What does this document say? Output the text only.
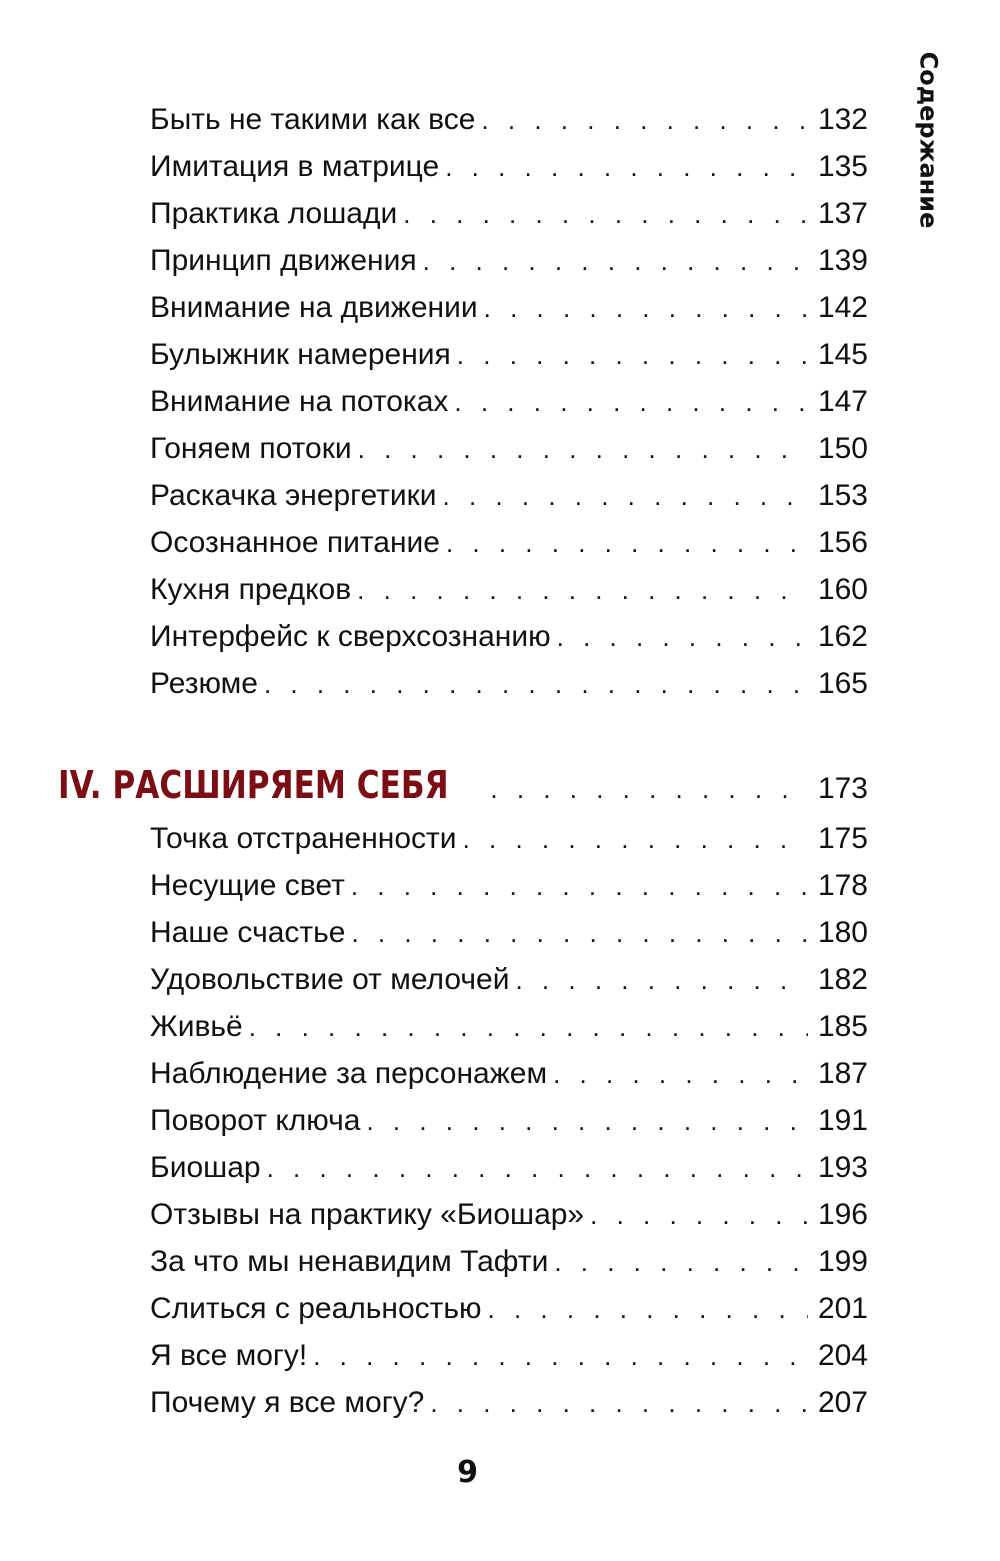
Содержание
Быть не такими как все . . .	132
Имитация в матрице . . .	135
Практика лошади . . .	137
Принцип движения . . .	139
Внимание на движении . . .	142
Булыжник намерения . . .	145
Внимание на потоках . . .	147
Гоняем потоки . . .	150
Раскачка энергетики . . .	153
Осознанное питание . . .	156
Кухня предков . . .	160
Интерфейс к сверхсознанию . . .	162
Резюме . . .	165
IV. РАСШИРЯЕМ СЕБЯ . . .	173
Точка отстраненности . . .	175
Несущие свет . . .	178
Наше счастье . . .	180
Удовольствие от мелочей . . .	182
Живьё . . .	185
Наблюдение за персонажем . . .	187
Поворот ключа . . .	191
Биошар . . .	193
Отзывы на практику «Биошар» . . .	196
За что мы ненавидим Тафти . . .	199
Слиться с реальностью . . .	201
Я все могу! . . .	204
Почему я все могу? . . .	207
9
